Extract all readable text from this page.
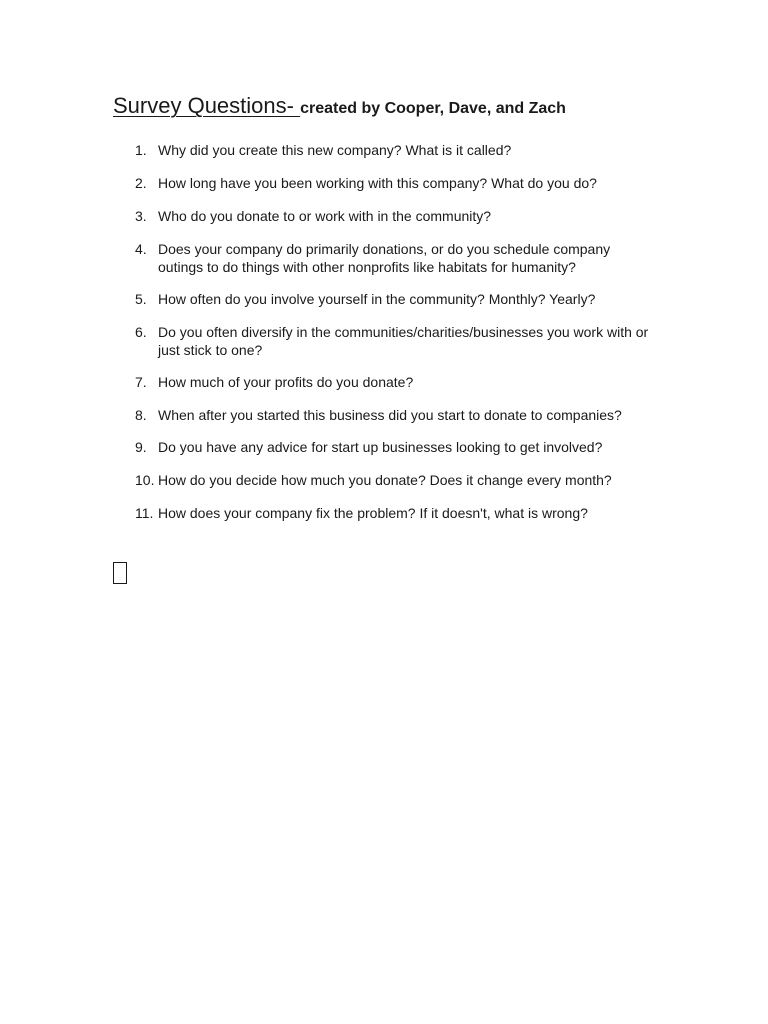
Survey Questions- created by Cooper, Dave, and Zach
1. Why did you create this new company? What is it called?
2. How long have you been working with this company? What do you do?
3. Who do you donate to or work with in the community?
4. Does your company do primarily donations, or do you schedule company outings to do things with other nonprofits like habitats for humanity?
5. How often do you involve yourself in the community? Monthly? Yearly?
6. Do you often diversify in the communities/charities/businesses you work with or just stick to one?
7. How much of your profits do you donate?
8. When after you started this business did you start to donate to companies?
9. Do you have any advice for start up businesses looking to get involved?
10. How do you decide how much you donate? Does it change every month?
11. How does your company fix the problem? If it doesn't, what is wrong?
